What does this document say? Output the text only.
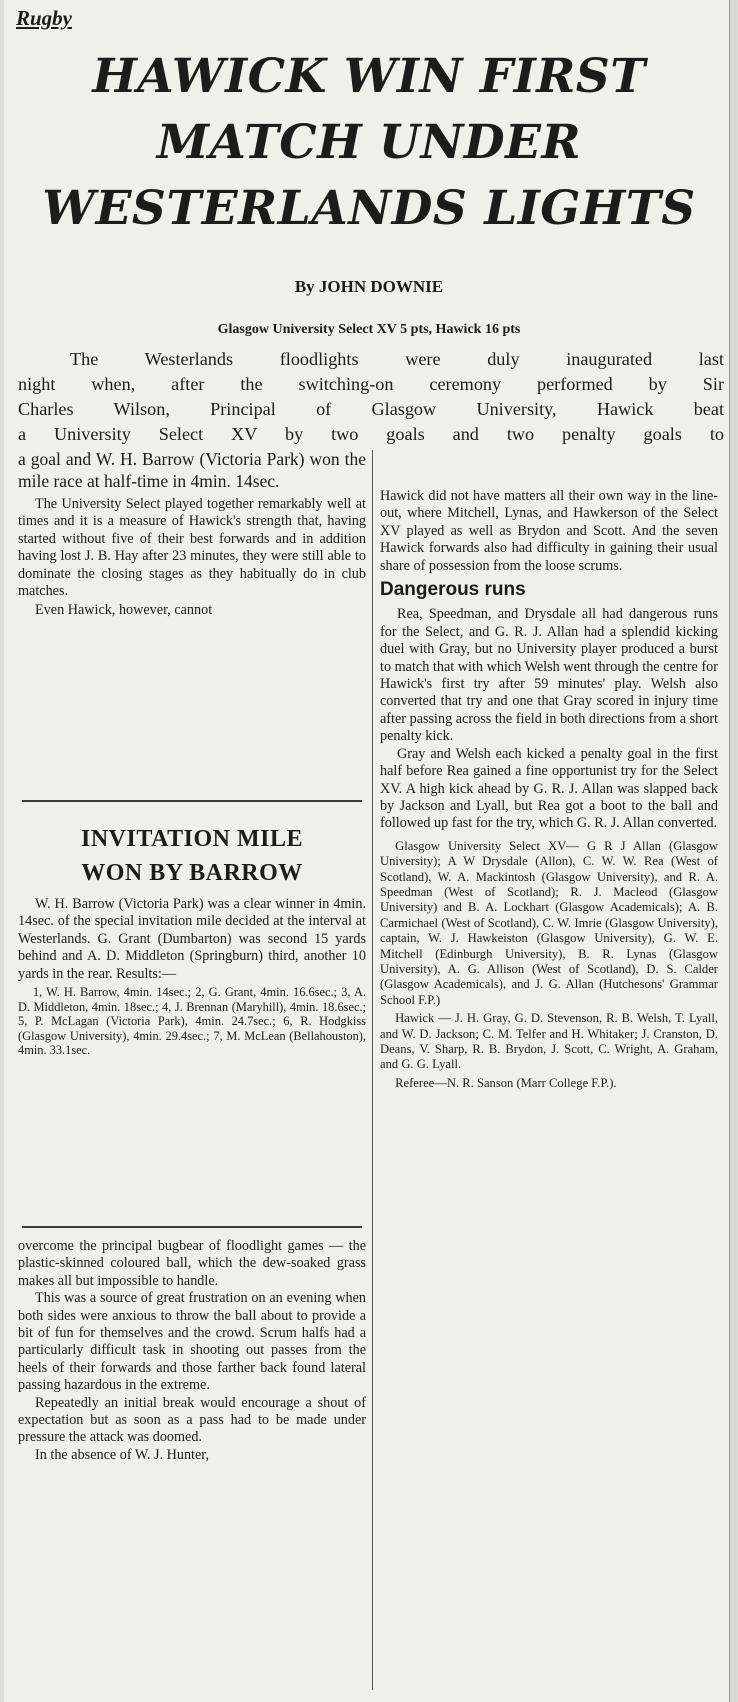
Rugby
HAWICK WIN FIRST
MATCH UNDER
WESTERLANDS LIGHTS
By JOHN DOWNIE
Glasgow University Select XV 5 pts, Hawick 16 pts
The Westerlands floodlights were duly inaugurated last
night when, after the switching-on ceremony performed by Sir
Charles Wilson, Principal of Glasgow University, Hawick beat
a University Select XV by two goals and two penalty goals to

a goal and W. H. Barrow (Victoria Park) won the mile race at half-time in 4min. 14sec.

The University Select played together remarkably well at times and it is a measure of Hawick's strength that, having started without five of their best forwards and in addition having lost J. B. Hay after 23 minutes, they were still able to dominate the closing stages as they habitually do in club matches.

Even Hawick, however, cannot

INVITATION MILE
WON BY BARROW

W. H. Barrow (Victoria Park) was a clear winner in 4min. 14sec. of the special invitation mile decided at the interval at Westerlands. G. Grant (Dumbarton) was second 15 yards behind and A. D. Middleton (Springburn) third, another 10 yards in the rear. Results:—

1, W. H. Barrow, 4min. 14sec.; 2, G. Grant, 4min. 16.6sec.; 3, A. D. Middleton, 4min. 18sec.; 4, J. Brennan (Maryhill), 4min. 18.6sec.; 5, P. McLagan (Victoria Park), 4min. 24.7sec.; 6, R. Hodgkiss (Glasgow University), 4min. 29.4sec.; 7, M. McLean (Bellahouston), 4min. 33.1sec.

overcome the principal bugbear of floodlight games — the plastic-skinned coloured ball, which the dew-soaked grass makes all but impossible to handle.

This was a source of great frustration on an evening when both sides were anxious to throw the ball about to provide a bit of fun for themselves and the crowd. Scrum halfs had a particularly difficult task in shooting out passes from the heels of their forwards and those farther back found lateral passing hazardous in the extreme.

Repeatedly an initial break would encourage a shout of expectation but as soon as a pass had to be made under pressure the attack was doomed.

In the absence of W. J. Hunter,

Hawick did not have matters all their own way in the line-out, where Mitchell, Lynas, and Hawkerson of the Select XV played as well as Brydon and Scott. And the seven Hawick forwards also had difficulty in gaining their usual share of possession from the loose scrums.

Dangerous runs

Rea, Speedman, and Drysdale all had dangerous runs for the Select, and G. R. J. Allan had a splendid kicking duel with Gray, but no University player produced a burst to match that with which Welsh went through the centre for Hawick's first try after 59 minutes' play. Welsh also converted that try and one that Gray scored in injury time after passing across the field in both directions from a short penalty kick.

Gray and Welsh each kicked a penalty goal in the first half before Rea gained a fine opportunist try for the Select XV. A high kick ahead by G. R. J. Allan was slapped back by Jackson and Lyall, but Rea got a boot to the ball and followed up fast for the try, which G. R. J. Allan converted.

Glasgow University Select XV— G R J Allan (Glasgow University); A W Drysdale (Allon), C. W. W. Rea (West of Scotland), W. A. Mackintosh (Glasgow University), and R. A. Speedman (West of Scotland); R. J. Macleod (Glasgow University) and B. A. Lockhart (Glasgow Academicals); A. B. Carmichael (West of Scotland), C. W. Imrie (Glasgow University), captain, W. J. Hawkeiston (Glasgow University), G. W. E. Mitchell (Edinburgh University), B. R. Lynas (Glasgow University), A. G. Allison (West of Scotland), D. S. Calder (Glasgow Academicals), and J. G. Allan (Hutchesons' Grammar School F.P.)

Hawick — J. H. Gray, G. D. Stevenson, R. B. Welsh, T. Lyall, and W. D. Jackson; C. M. Telfer and H. Whitaker; J. Cranston, D. Deans, V. Sharp, R. B. Brydon, J. Scott, C. Wright, A. Graham, and G. G. Lyall.

Referee—N. R. Sanson (Marr College F.P.).
